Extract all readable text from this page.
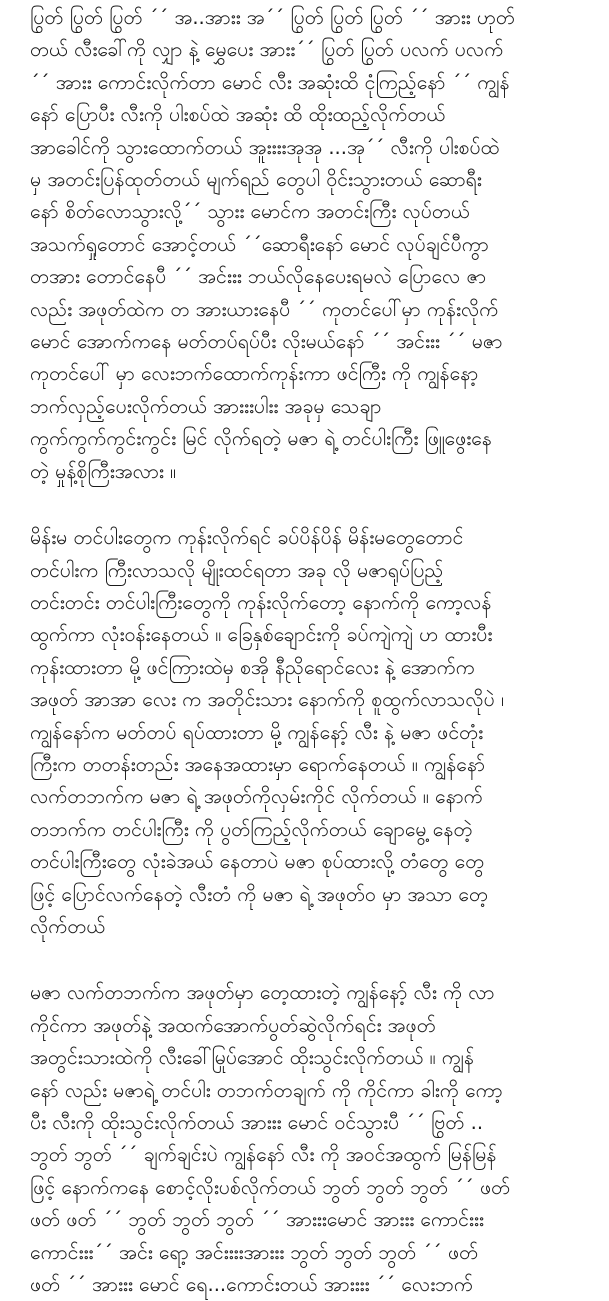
ပြွတ် ပြွတ် ပြွတ် ´´ အ..အားး အ´´ ပြွတ် ပြွတ် ပြွတ် ´´ အားး ဟုတ်
တယ် လီးခေါ်ကို လျှာ နဲ့ မွှေပေး အားး´´ ပြွတ် ပြွတ် ပလက် ပလက်
´´ အားး ကောင်းလိုက်တာ မောင် လီး အဆုံးထိ ငုံကြည့်နော် ´´ ကျွန်
နော် ပြောပီး လီးကို ပါးစပ်ထဲ အဆုံး ထိ ထိုးထည့်လိုက်တယ်
အာခေါင်ကို သွားထောက်တယ် အူးးးးအုအု ...အု´´ လီးကို ပါးစပ်ထဲ
မှ အတင်းပြန်ထုတ်တယ် မျက်ရည် တွေပါ ဝိုင်းသွားတယ် ဆောရီး
နော် စိတ်လောသွားလို့´´ သွားး မောင်က အတင်းကြီး လုပ်တယ်
အသက်ရှုတောင် အောင့်တယ် ´´ဆောရီးနော် မောင် လုပ်ချင်ပီကွာ
တအား တောင်နေပီ ´´ အင်းးး ဘယ်လိုနေပေးရမလဲ ပြောလေ ဇာ
လည်း အဖုတ်ထဲက တ အားယားနေပီ ´´ ကုတင်ပေါ်မှာ ကုန်းလိုက်
မောင် အောက်ကနေ မတ်တပ်ရပ်ပီး လိုးမယ်နော် ´´ အင်းးး ´´ မဇာ
ကုတင်ပေါ် မှာ လေးဘက်ထောက်ကုန်းကာ ဖင်ကြီး ကို ကျွန်နော့
ဘက်လှည့်ပေးလိုက်တယ် အားးးပါးး အခုမှ သေချာ
ကွက်ကွက်ကွင်းကွင်း မြင် လိုက်ရတဲ့ မဇာ ရဲ့ တင်ပါးကြီး ဖြူဖွေးနေ
တဲ့ မှုန့်စိုကြီးအလား ။

မိန်းမ တင်ပါးတွေက ကုန်းလိုက်ရင် ခပ်ပိန်ပိန် မိန်းမတွေတောင်
တင်ပါးက ကြီးလာသလို မျိုးထင်ရတာ အခု လို မဇာရုပ်ပြည့်
တင်းတင်း တင်ပါးကြီးတွေကို ကုန်းလိုက်တော့ နောက်ကို ကော့လန်
ထွက်ကာ လုံးဝန်းနေတယ် ။ ခြေနှစ်ချောင်းကို ခပ်ကျဲကျဲ ဟ ထားပီး
ကုန်းထားတာ မို့ ဖင်ကြားထဲမှ စအို နီညိုရောင်လေး နဲ့ အောက်က
အဖုတ် အာအာ လေး က အတိုင်းသား နောက်ကို စူထွက်လာသလိုပဲ ၊
ကျွန်နော်က မတ်တပ် ရပ်ထားတာ မို့ ကျွန်နော့် လီး နဲ့ မဇာ ဖင်တုံး
ကြီးက တတန်းတည်း အနေအထားမှာ ရောက်နေတယ် ။ ကျွန်နော်
လက်တဘက်က မဇာ ရဲ့ အဖုတ်ကိုလှမ်းကိုင် လိုက်တယ် ။ နောက်
တဘက်က တင်ပါးကြီး ကို ပွတ်ကြည့်လိုက်တယ် ချောမွေ့ နေတဲ့
တင်ပါးကြီးတွေ လုံးခဲအယ် နေတာပဲ မဇာ စုပ်ထားလို့ တံတွေ တွေ
ဖြင့် ပြောင်လက်နေတဲ့ လီးတံ ကို မဇာ ရဲ့ အဖုတ်ဝ မှာ အသာ တေ့
လိုက်တယ်

မဇာ လက်တဘက်က အဖုတ်မှာ တေ့ထားတဲ့ ကျွန်နော့် လီး ကို လာ
ကိုင်ကာ အဖုတ်နဲ့ အထက်အောက်ပွတ်ဆွဲလိုက်ရင်း အဖုတ်
အတွင်းသားထဲကို လီးခေါ်မြုပ်အောင် ထိုးသွင်းလိုက်တယ် ။ ကျွန်
နော် လည်း မဇာရဲ့ တင်ပါး တဘက်တချက် ကို ကိုင်ကာ ခါးကို ကော့
ပီး လီးကို ထိုးသွင်းလိုက်တယ် အားးး မောင် ဝင်သွားပီ ´´ ဗြွတ် ..
ဘွတ် ဘွတ် ´´ ချက်ချင်းပဲ ကျွန်နော် လီး ကို အဝင်အထွက် မြန်မြန်
ဖြင့် နောက်ကနေ စောင့်လိုးပစ်လိုက်တယ် ဘွတ် ဘွတ် ဘွတ် ´´ ဖတ်
ဖတ် ဖတ် ´´ ဘွတ် ဘွတ် ဘွတ် ´´ အားးးမောင် အားးး ကောင်းးး
ကောင်းးး´´ အင်း ရော့ အင်းးးးအားးး ဘွတ် ဘွတ် ဘွတ် ´´ ဖတ်
ဖတ် ´´ အားးး မောင် ရေ...ကောင်းတယ် အားးးး ´´ လေးဘက်
